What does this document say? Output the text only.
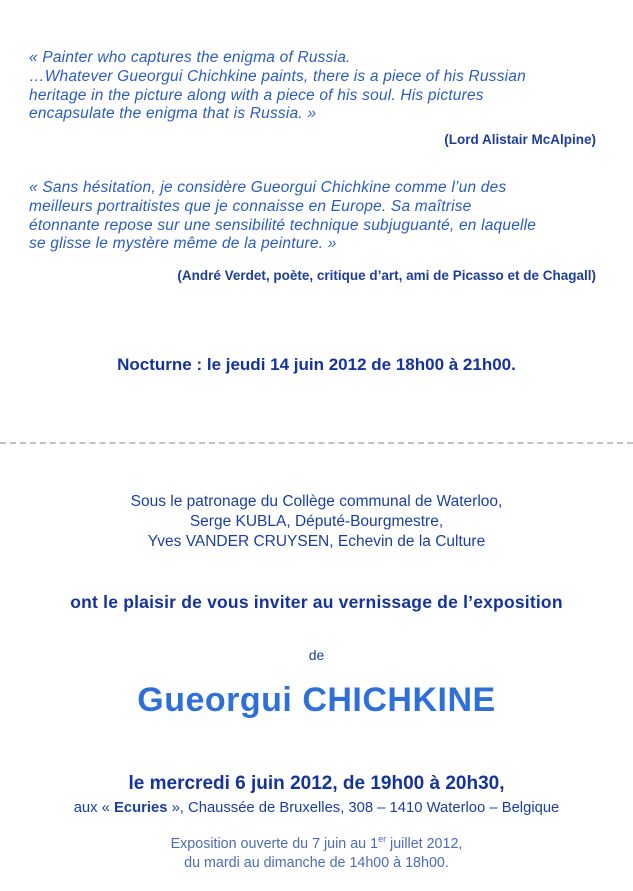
« Painter who captures the enigma of Russia.
…Whatever Gueorgui Chichkine paints, there is a piece of his Russian
heritage in the picture along with a piece of his soul. His pictures
encapsulate the enigma that is Russia. »
(Lord Alistair McAlpine)
« Sans hésitation, je considère Gueorgui Chichkine comme l’un des
meilleurs portraitistes que je connaisse en Europe. Sa maîtrise
étonnante repose sur une sensibilité technique subjuguanté, en laquelle
se glisse le mystère même de la peinture. »
(André Verdet, poète, critique d’art, ami de Picasso et de Chagall)
Nocturne : le jeudi 14 juin 2012 de 18h00 à 21h00.
Sous le patronage du Collège communal de Waterloo,
Serge KUBLA, Député-Bourgmestre,
Yves VANDER CRUYSEN, Echevin de la Culture
ont le plaisir de vous inviter au vernissage de l’exposition
de
Gueorgui CHICHKINE
le mercredi 6 juin 2012, de 19h00 à 20h30,
aux « Ecuries », Chaussée de Bruxelles, 308 – 1410 Waterloo – Belgique
Exposition ouverte du 7 juin au 1er juillet 2012,
du mardi au dimanche de 14h00 à 18h00.
